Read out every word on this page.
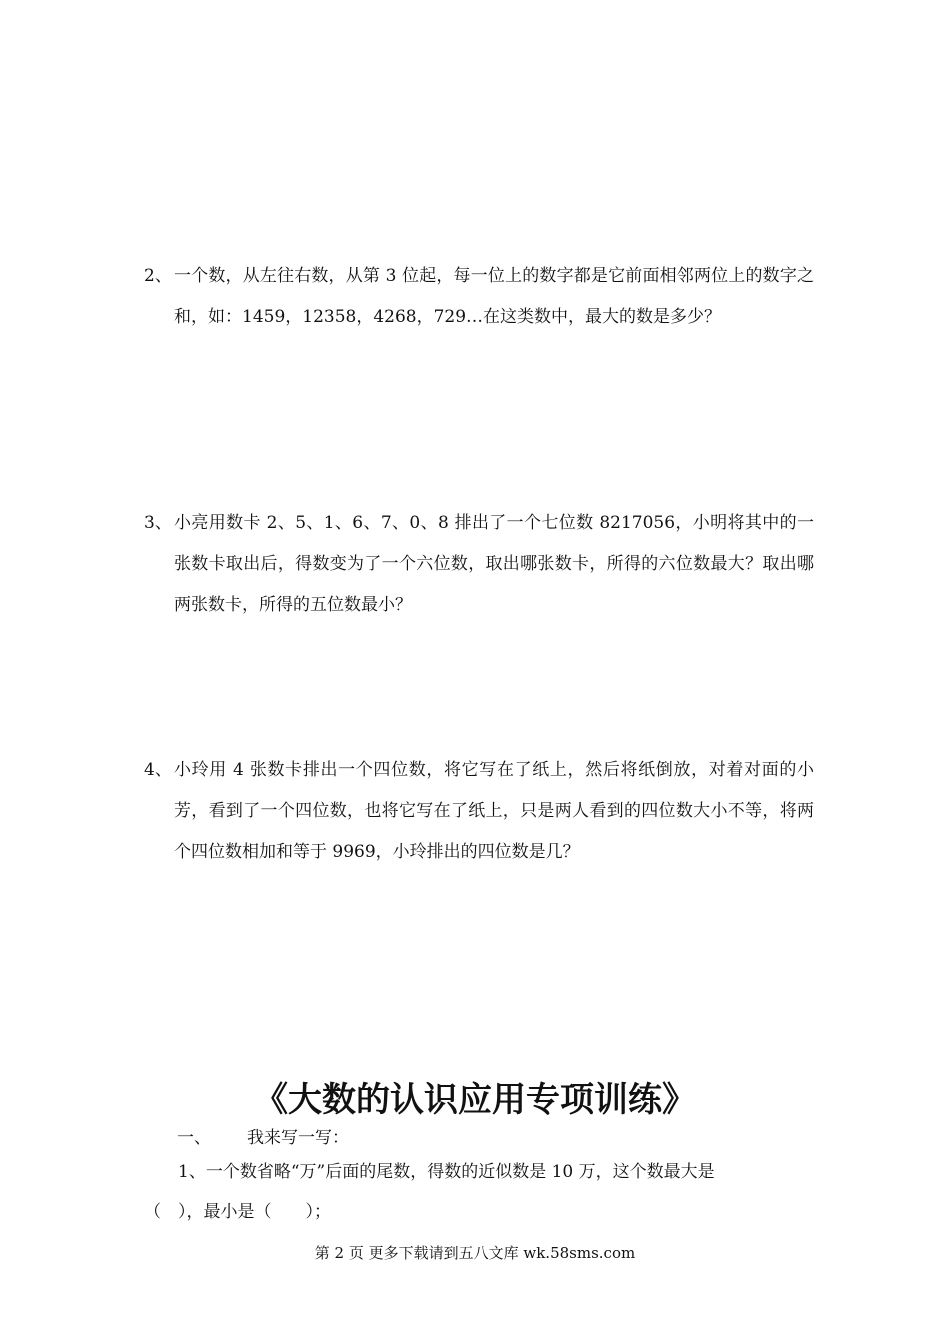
2、 一个数，从左往右数，从第 3 位起，每一位上的数字都是它前面相邻两位上的数字之和，如：1459，12358，4268，729…在这类数中，最大的数是多少？
3、 小亮用数卡 2、5、1、6、7、0、8 排出了一个七位数 8217056，小明将其中的一张数卡取出后，得数变为了一个六位数，取出哪张数卡，所得的六位数最大？取出哪两张数卡，所得的五位数最小？
4、 小玲用 4 张数卡排出一个四位数，将它写在了纸上，然后将纸倒放，对着对面的小芳，看到了一个四位数，也将它写在了纸上，只是两人看到的四位数大小不等，将两个四位数相加和等于 9969，小玲排出的四位数是几？
《大数的认识应用专项训练》
一、 我来写一写：
1、一个数省略“万”后面的尾数，得数的近似数是 10 万，这个数最大是
（　），最小是（　　）；
第 2 页 更多下载请到五八文库 wk.58sms.com
